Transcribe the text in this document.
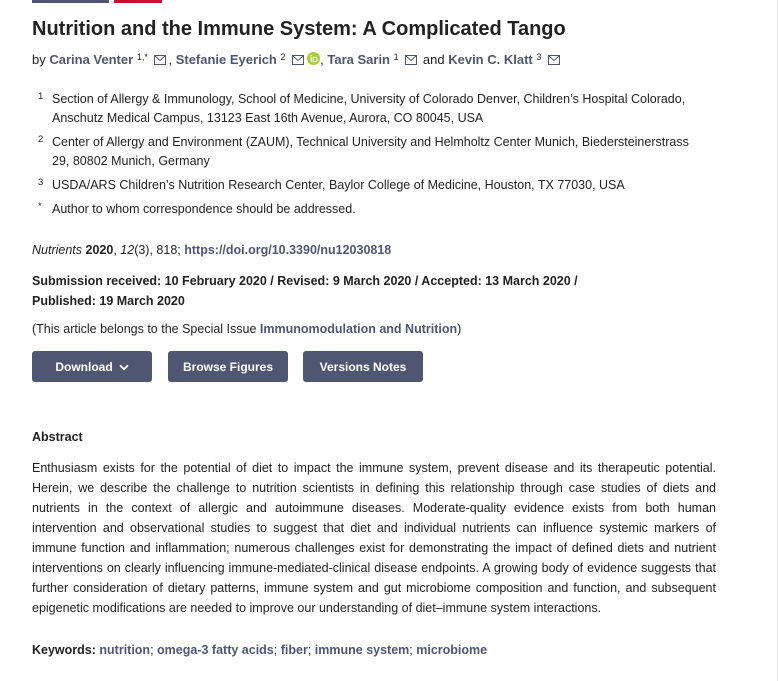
Nutrition and the Immune System: A Complicated Tango
by Carina Venter $^{1,*}$ , Stefanie Eyerich $^2$	, Tara Sarin $^1$ and Kevin C. Klatt $^3$
1 Section of Allergy & Immunology, School of Medicine, University of Colorado Denver, Children’s Hospital Colorado, Anschutz Medical Campus, 13123 East 16th Avenue, Aurora, CO 80045, USA
2 Center of Allergy and Environment (ZAUM), Technical University and Helmholtz Center Munich, Biedersteinerstrass 29, 80802 Munich, Germany
3 USDA/ARS Children’s Nutrition Research Center, Baylor College of Medicine, Houston, TX 77030, USA
* Author to whom correspondence should be addressed.
Nutrients 2020, 12(3), 818; https://doi.org/10.3390/nu12030818
Submission received: 10 February 2020 / Revised: 9 March 2020 / Accepted: 13 March 2020 / Published: 19 March 2020
(This article belongs to the Special Issue Immunomodulation and Nutrition)
Download	Browse Figures	Versions Notes
Abstract

Enthusiasm exists for the potential of diet to impact the immune system, prevent disease and its therapeutic potential. Herein, we describe the challenge to nutrition scientists in defining this relationship through case studies of diets and nutrients in the context of allergic and autoimmune diseases. Moderate-quality evidence exists from both human intervention and observational studies to suggest that diet and individual nutrients can influence systemic markers of immune function and inflammation; numerous challenges exist for demonstrating the impact of defined diets and nutrient interventions on clearly influencing immune-mediated-clinical disease endpoints. A growing body of evidence suggests that further consideration of dietary patterns, immune system and gut microbiome composition and function, and subsequent epigenetic modifications are needed to improve our understanding of diet–immune system interactions.

Keywords: nutrition; omega-3 fatty acids; fiber; immune system; microbiome
